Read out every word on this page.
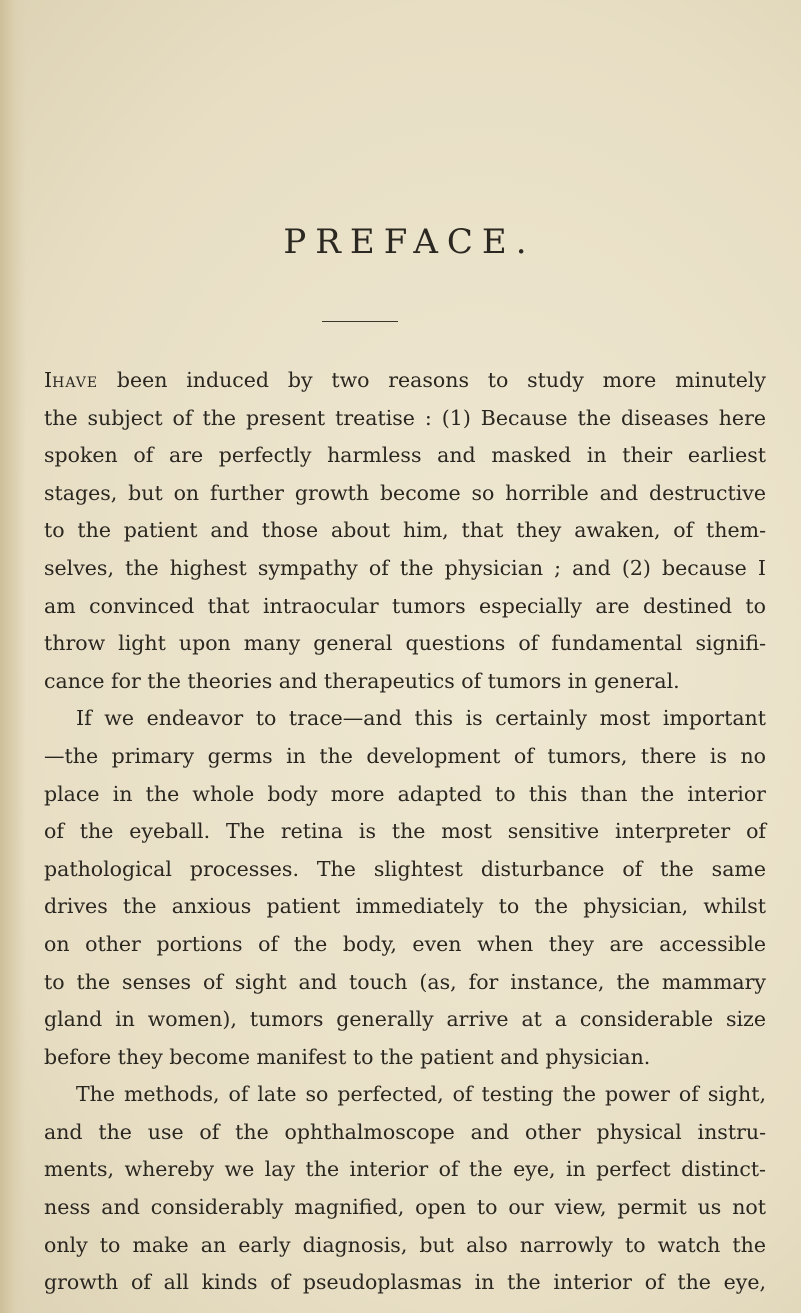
PREFACE.
IHAVE been induced by two reasons to study more minutely
the subject of the present treatise : (1) Because the diseases here
spoken of are perfectly harmless and masked in their earliest
stages, but on further growth become so horrible and destructive
to the patient and those about him, that they awaken, of them-
selves, the highest sympathy of the physician ; and (2) because I
am convinced that intraocular tumors especially are destined to
throw light upon many general questions of fundamental signifi-
cance for the theories and therapeutics of tumors in general.
If we endeavor to trace—and this is certainly most important
—the primary germs in the development of tumors, there is no
place in the whole body more adapted to this than the interior
of the eyeball. The retina is the most sensitive interpreter of
pathological processes. The slightest disturbance of the same
drives the anxious patient immediately to the physician, whilst
on other portions of the body, even when they are accessible
to the senses of sight and touch (as, for instance, the mammary
gland in women), tumors generally arrive at a considerable size
before they become manifest to the patient and physician.
The methods, of late so perfected, of testing the power of sight,
and the use of the ophthalmoscope and other physical instru-
ments, whereby we lay the interior of the eye, in perfect distinct-
ness and considerably magnified, open to our view, permit us not
only to make an early diagnosis, but also narrowly to watch the
growth of all kinds of pseudoplasmas in the interior of the eye,
